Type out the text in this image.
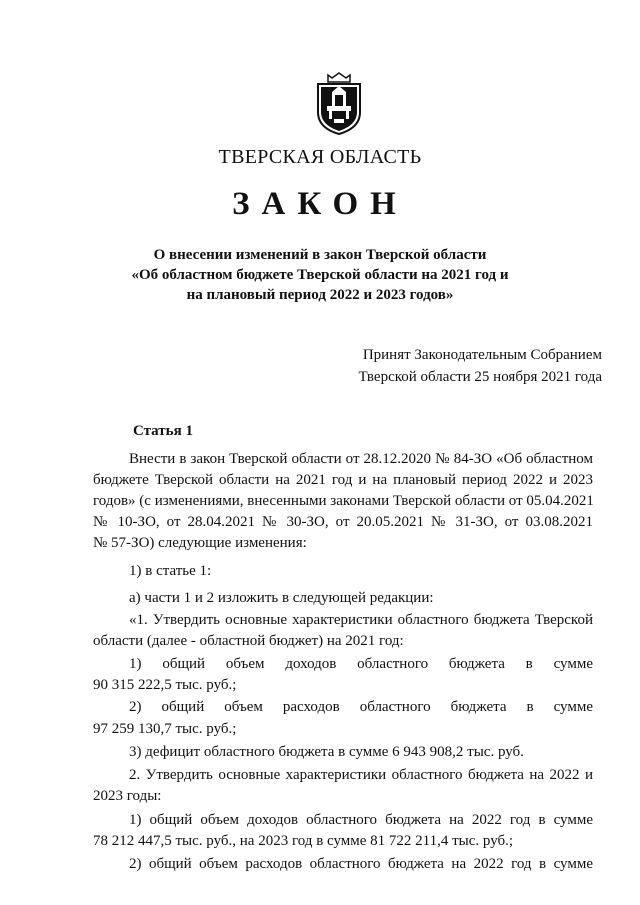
ТВЕРСКАЯ ОБЛАСТЬ
ЗАКОН
О внесении изменений в закон Тверской области
«Об областном бюджете Тверской области на 2021 год и
на плановый период 2022 и 2023 годов»
Принят Законодательным Собранием
Тверской области 25 ноября 2021 года
Статья 1
Внести в закон Тверской области от 28.12.2020 № 84-ЗО «Об областном
бюджете Тверской области на 2021 год и на плановый период 2022 и 2023
годов» (с изменениями, внесенными законами Тверской области от 05.04.2021
№ 10-ЗО, от 28.04.2021 № 30-ЗО, от 20.05.2021 № 31-ЗО, от 03.08.2021
№ 57-ЗО) следующие изменения:
1) в статье 1:
а) части 1 и 2 изложить в следующей редакции:
«1. Утвердить основные характеристики областного бюджета Тверской
области (далее - областной бюджет) на 2021 год:
1) общий объем доходов областного бюджета в сумме
90 315 222,5 тыс. руб.;
2) общий объем расходов областного бюджета в сумме
97 259 130,7 тыс. руб.;
3) дефицит областного бюджета в сумме 6 943 908,2 тыс. руб.
2. Утвердить основные характеристики областного бюджета на 2022 и
2023 годы:
1) общий объем доходов областного бюджета на 2022 год в сумме
78 212 447,5 тыс. руб., на 2023 год в сумме 81 722 211,4 тыс. руб.;
2) общий объем расходов областного бюджета на 2022 год в сумме
